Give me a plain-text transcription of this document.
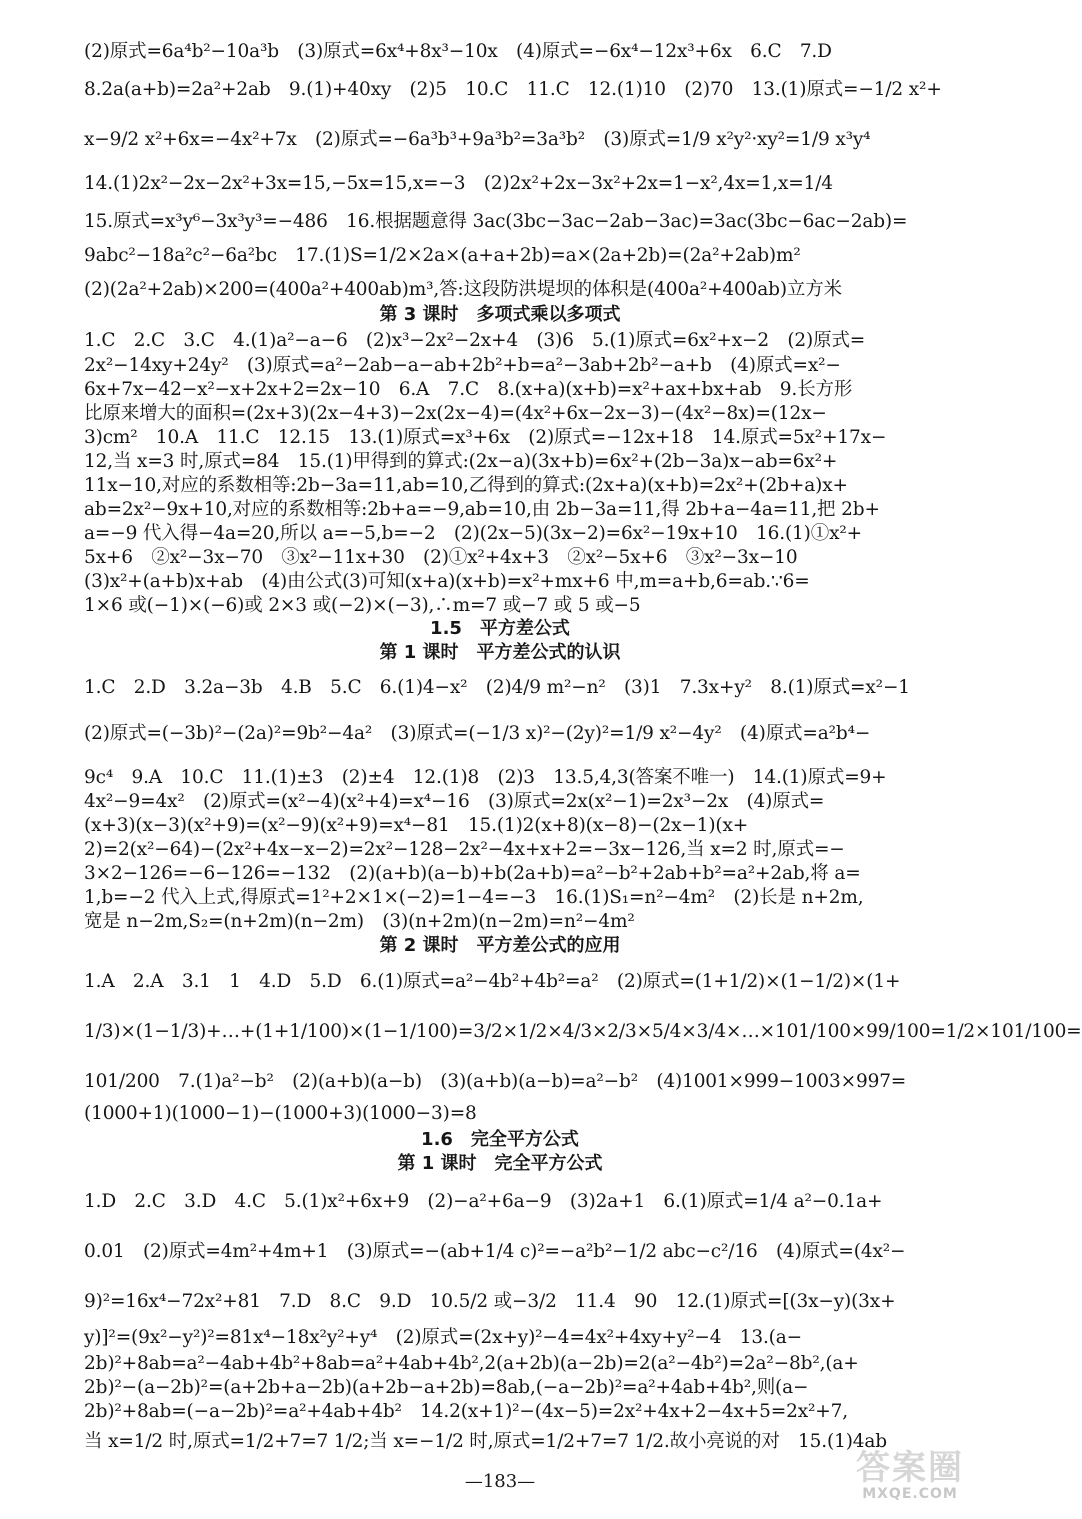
(2)原式=6a⁴b²−10a³b　(3)原式=6x⁴+8x³−10x　(4)原式=−6x⁴−12x³+6x　6.C　7.D
8.2a(a+b)=2a²+2ab　9.(1)+40xy　(2)5　10.C　11.C　12.(1)10　(2)70　13.(1)原式=−1/2 x²+
x−9/2 x²+6x=−4x²+7x　(2)原式=−6a³b³+9a³b²=3a³b²　(3)原式=1/9 x²y²·xy²=1/9 x³y⁴
14.(1)2x²−2x−2x²+3x=15,−5x=15,x=−3　(2)2x²+2x−3x²+2x=1−x²,4x=1,x=1/4
15.原式=x³y⁶−3x³y³=−486　16.根据题意得 3ac(3bc−3ac−2ab−3ac)=3ac(3bc−6ac−2ab)=
9abc²−18a²c²−6a²bc　17.(1)S=1/2×2a×(a+a+2b)=a×(2a+2b)=(2a²+2ab)m²
(2)(2a²+2ab)×200=(400a²+400ab)m³,答:这段防洪堤坝的体积是(400a²+400ab)立方米
第 3 课时　多项式乘以多项式
1.C　2.C　3.C　4.(1)a²−a−6　(2)x³−2x²−2x+4　(3)6　5.(1)原式=6x²+x−2　(2)原式=
2x²−14xy+24y²　(3)原式=a²−2ab−a−ab+2b²+b=a²−3ab+2b²−a+b　(4)原式=x²−
6x+7x−42−x²−x+2x+2=2x−10　6.A　7.C　8.(x+a)(x+b)=x²+ax+bx+ab　9.长方形
比原来增大的面积=(2x+3)(2x−4+3)−2x(2x−4)=(4x²+6x−2x−3)−(4x²−8x)=(12x−
3)cm²　10.A　11.C　12.15　13.(1)原式=x³+6x　(2)原式=−12x+18　14.原式=5x²+17x−
12,当 x=3 时,原式=84　15.(1)甲得到的算式:(2x−a)(3x+b)=6x²+(2b−3a)x−ab=6x²+
11x−10,对应的系数相等:2b−3a=11,ab=10,乙得到的算式:(2x+a)(x+b)=2x²+(2b+a)x+
ab=2x²−9x+10,对应的系数相等:2b+a=−9,ab=10,由 2b−3a=11,得 2b+a−4a=11,把 2b+
a=−9 代入得−4a=20,所以 a=−5,b=−2　(2)(2x−5)(3x−2)=6x²−19x+10　16.(1)①x²+
5x+6　②x²−3x−70　③x²−11x+30　(2)①x²+4x+3　②x²−5x+6　③x²−3x−10
(3)x²+(a+b)x+ab　(4)由公式(3)可知(x+a)(x+b)=x²+mx+6 中,m=a+b,6=ab.∵6=
1×6 或(−1)×(−6)或 2×3 或(−2)×(−3),∴m=7 或−7 或 5 或−5
1.5　平方差公式
第 1 课时　平方差公式的认识
1.C　2.D　3.2a−3b　4.B　5.C　6.(1)4−x²　(2)4/9 m²−n²　(3)1　7.3x+y²　8.(1)原式=x²−1
(2)原式=(−3b)²−(2a)²=9b²−4a²　(3)原式=(−1/3 x)²−(2y)²=1/9 x²−4y²　(4)原式=a²b⁴−
9c⁴　9.A　10.C　11.(1)±3　(2)±4　12.(1)8　(2)3　13.5,4,3(答案不唯一)　14.(1)原式=9+
4x²−9=4x²　(2)原式=(x²−4)(x²+4)=x⁴−16　(3)原式=2x(x²−1)=2x³−2x　(4)原式=
(x+3)(x−3)(x²+9)=(x²−9)(x²+9)=x⁴−81　15.(1)2(x+8)(x−8)−(2x−1)(x+
2)=2(x²−64)−(2x²+4x−x−2)=2x²−128−2x²−4x+x+2=−3x−126,当 x=2 时,原式=−
3×2−126=−6−126=−132　(2)(a+b)(a−b)+b(2a+b)=a²−b²+2ab+b²=a²+2ab,将 a=
1,b=−2 代入上式,得原式=1²+2×1×(−2)=1−4=−3　16.(1)S₁=n²−4m²　(2)长是 n+2m,
宽是 n−2m,S₂=(n+2m)(n−2m)　(3)(n+2m)(n−2m)=n²−4m²
第 2 课时　平方差公式的应用
1.A　2.A　3.1　1　4.D　5.D　6.(1)原式=a²−4b²+4b²=a²　(2)原式=(1+1/2)×(1−1/2)×(1+
1/3)×(1−1/3)+…+(1+1/100)×(1−1/100)=3/2×1/2×4/3×2/3×5/4×3/4×…×101/100×99/100=1/2×101/100=
101/200　7.(1)a²−b²　(2)(a+b)(a−b)　(3)(a+b)(a−b)=a²−b²　(4)1001×999−1003×997=
(1000+1)(1000−1)−(1000+3)(1000−3)=8
1.6　完全平方公式
第 1 课时　完全平方公式
1.D　2.C　3.D　4.C　5.(1)x²+6x+9　(2)−a²+6a−9　(3)2a+1　6.(1)原式=1/4 a²−0.1a+
0.01　(2)原式=4m²+4m+1　(3)原式=−(ab+1/4 c)²=−a²b²−1/2 abc−c²/16　(4)原式=(4x²−
9)²=16x⁴−72x²+81　7.D　8.C　9.D　10.5/2 或−3/2　11.4　90　12.(1)原式=[(3x−y)(3x+
y)]²=(9x²−y²)²=81x⁴−18x²y²+y⁴　(2)原式=(2x+y)²−4=4x²+4xy+y²−4　13.(a−
2b)²+8ab=a²−4ab+4b²+8ab=a²+4ab+4b²,2(a+2b)(a−2b)=2(a²−4b²)=2a²−8b²,(a+
2b)²−(a−2b)²=(a+2b+a−2b)(a+2b−a+2b)=8ab,(−a−2b)²=a²+4ab+4b²,则(a−
2b)²+8ab=(−a−2b)²=a²+4ab+4b²　14.2(x+1)²−(4x−5)=2x²+4x+2−4x+5=2x²+7,
当 x=1/2 时,原式=1/2+7=7 1/2;当 x=−1/2 时,原式=1/2+7=7 1/2.故小亮说的对　15.(1)4ab
—183—	答案圈
MXQE.COM
